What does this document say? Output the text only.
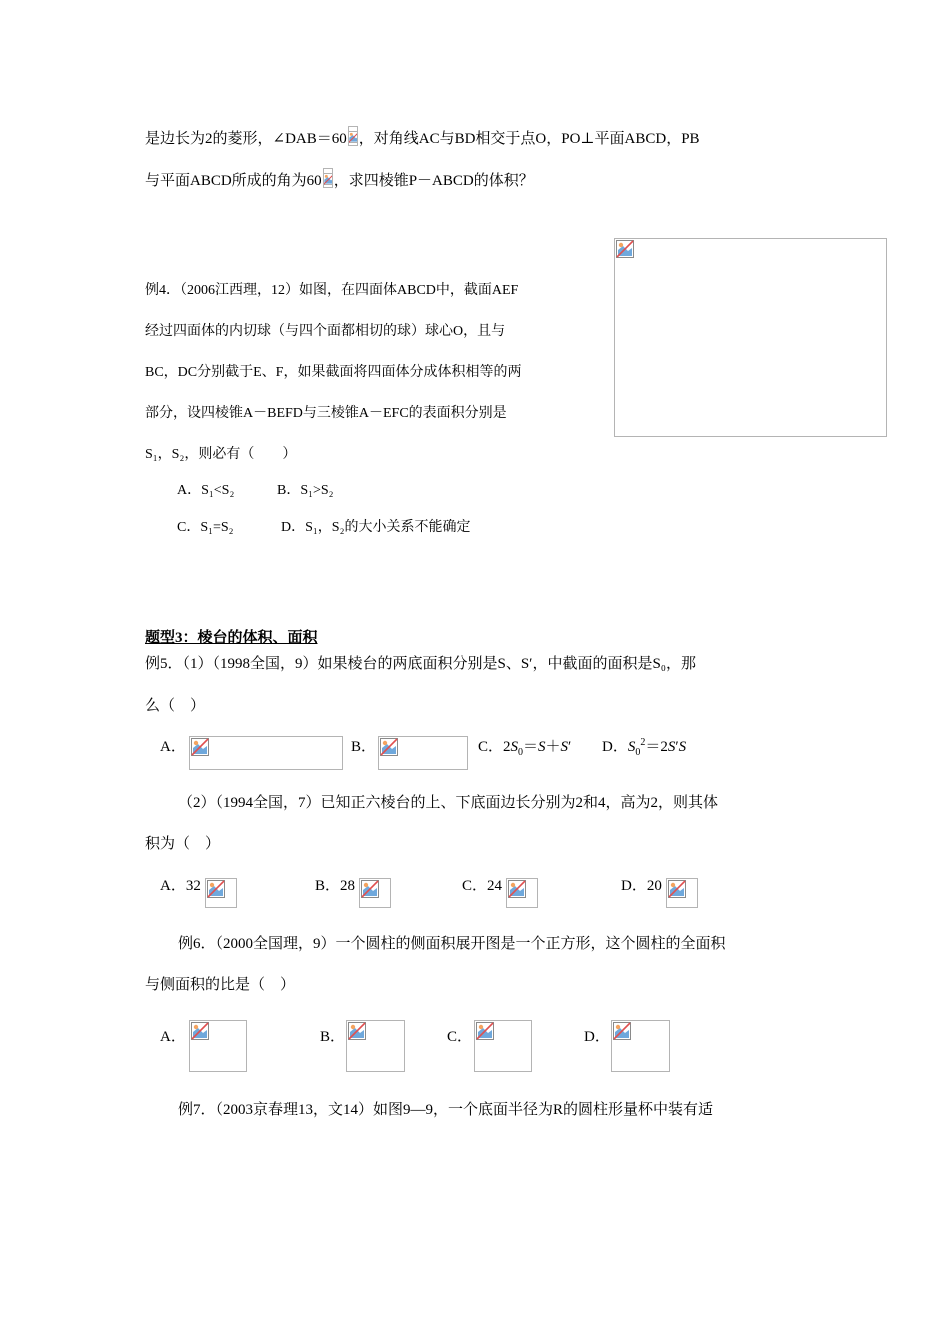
是边长为2的菱形，∠DAB＝60 ，对角线AC与BD相交于点O，PO⊥平面ABCD，PB
与平面ABCD所成的角为60 ，求四棱锥P－ABCD的体积？
例4．（2006江西理，12）如图，在四面体ABCD中，截面AEF
经过四面体的内切球（与四个面都相切的球）球心O，且与
BC，DC分别截于E、F，如果截面将四面体分成体积相等的两
部分，设四棱锥A－BEFD与三棱锥A－EFC的表面积分别是
S₁，S₂，则必有（　　）
A．S₁<S₂	B．S₁>S₂
C．S₁=S₂	D．S₁，S₂的大小关系不能确定
题型3：棱台的体积、面积
例5．（1）（1998全国，9）如果棱台的两底面积分别是S、S′，中截面的面积是S₀，那
么（　）
A．	B．	C．$2S_0=S+S'$ D．$S_0^2=2S'S$
（2）（1994全国，7）已知正六棱台的上、下底面边长分别为2和4，高为2，则其体
积为（　）
A．32	B．28	C．24	D．20
例6．（2000全国理，9）一个圆柱的侧面积展开图是一个正方形，这个圆柱的全面积
与侧面积的比是（　）
A．	B．	C．	D．
例7．（2003京春理13，文14）如图9—9，一个底面半径为R的圆柱形量杯中装有适
